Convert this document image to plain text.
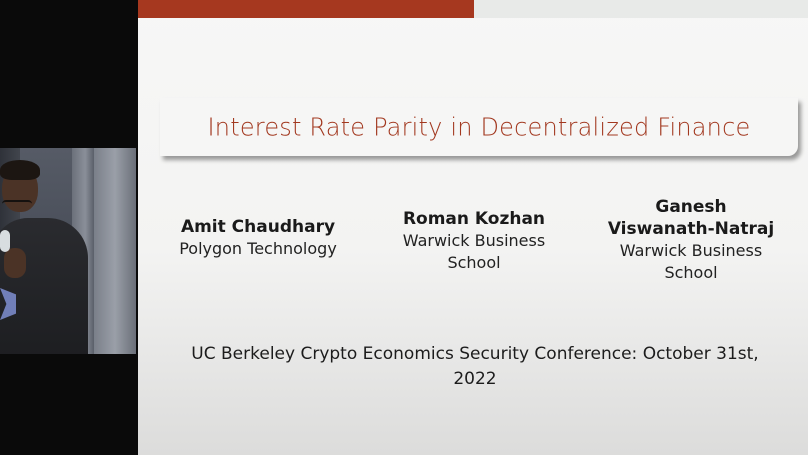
Interest Rate Parity in Decentralized Finance
Amit Chaudhary
Polygon Technology
Roman Kozhan
Warwick Business
School
Ganesh
Viswanath-Natraj
Warwick Business
School
UC Berkeley Crypto Economics Security Conference: October 31st,
2022
